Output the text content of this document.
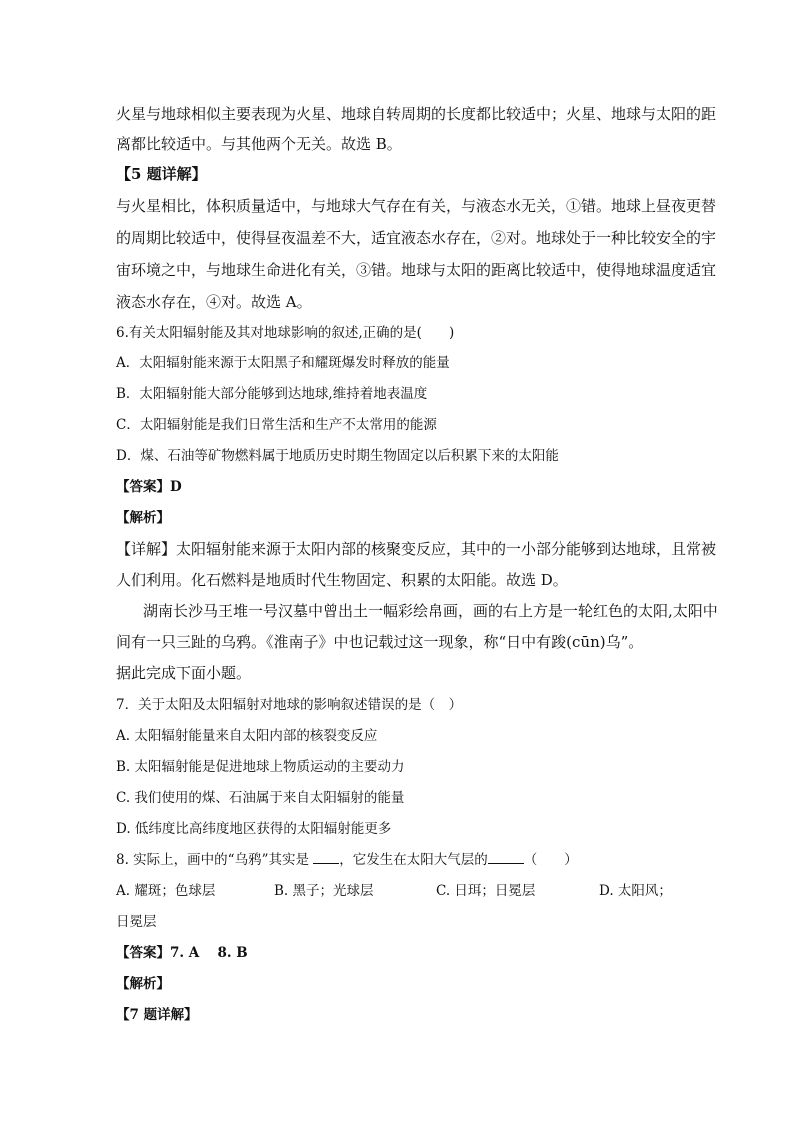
火星与地球相似主要表现为火星、地球自转周期的长度都比较适中；火星、地球与太阳的距
离都比较适中。与其他两个无关。故选 B。
【5 题详解】
与火星相比，体积质量适中，与地球大气存在有关，与液态水无关，①错。地球上昼夜更替
的周期比较适中，使得昼夜温差不大，适宜液态水存在，②对。地球处于一种比较安全的宇
宙环境之中，与地球生命进化有关，③错。地球与太阳的距离比较适中，使得地球温度适宜
液态水存在，④对。故选 A。
6.有关太阳辐射能及其对地球影响的叙述,正确的是(　　)
A．太阳辐射能来源于太阳黑子和耀斑爆发时释放的能量
B．太阳辐射能大部分能够到达地球,维持着地表温度
C．太阳辐射能是我们日常生活和生产不太常用的能源
D．煤、石油等矿物燃料属于地质历史时期生物固定以后积累下来的太阳能
【答案】D
【解析】
【详解】太阳辐射能来源于太阳内部的核聚变反应，其中的一小部分能够到达地球，且常被
人们利用。化石燃料是地质时代生物固定、积累的太阳能。故选 D。
湖南长沙马王堆一号汉墓中曾出土一幅彩绘帛画，画的右上方是一轮红色的太阳,太阳中
间有一只三趾的乌鸦。《淮南子》中也记载过这一现象，称“日中有踆(cūn)乌”。
据此完成下面小题。
7．关于太阳及太阳辐射对地球的影响叙述错误的是（　）
A. 太阳辐射能量来自太阳内部的核裂变反应
B. 太阳辐射能是促进地球上物质运动的主要动力
C. 我们使用的煤、石油属于来自太阳辐射的能量
D. 低纬度比高纬度地区获得的太阳辐射能更多
8. 实际上，画中的“乌鸦”其实是 ，它发生在太阳大气层的	（　　）
A. 耀斑；色球层	B. 黑子；光球层	C. 日珥；日冕层	D. 太阳风；
日冕层
【答案】7. A　 8. B
【解析】
【7 题详解】
